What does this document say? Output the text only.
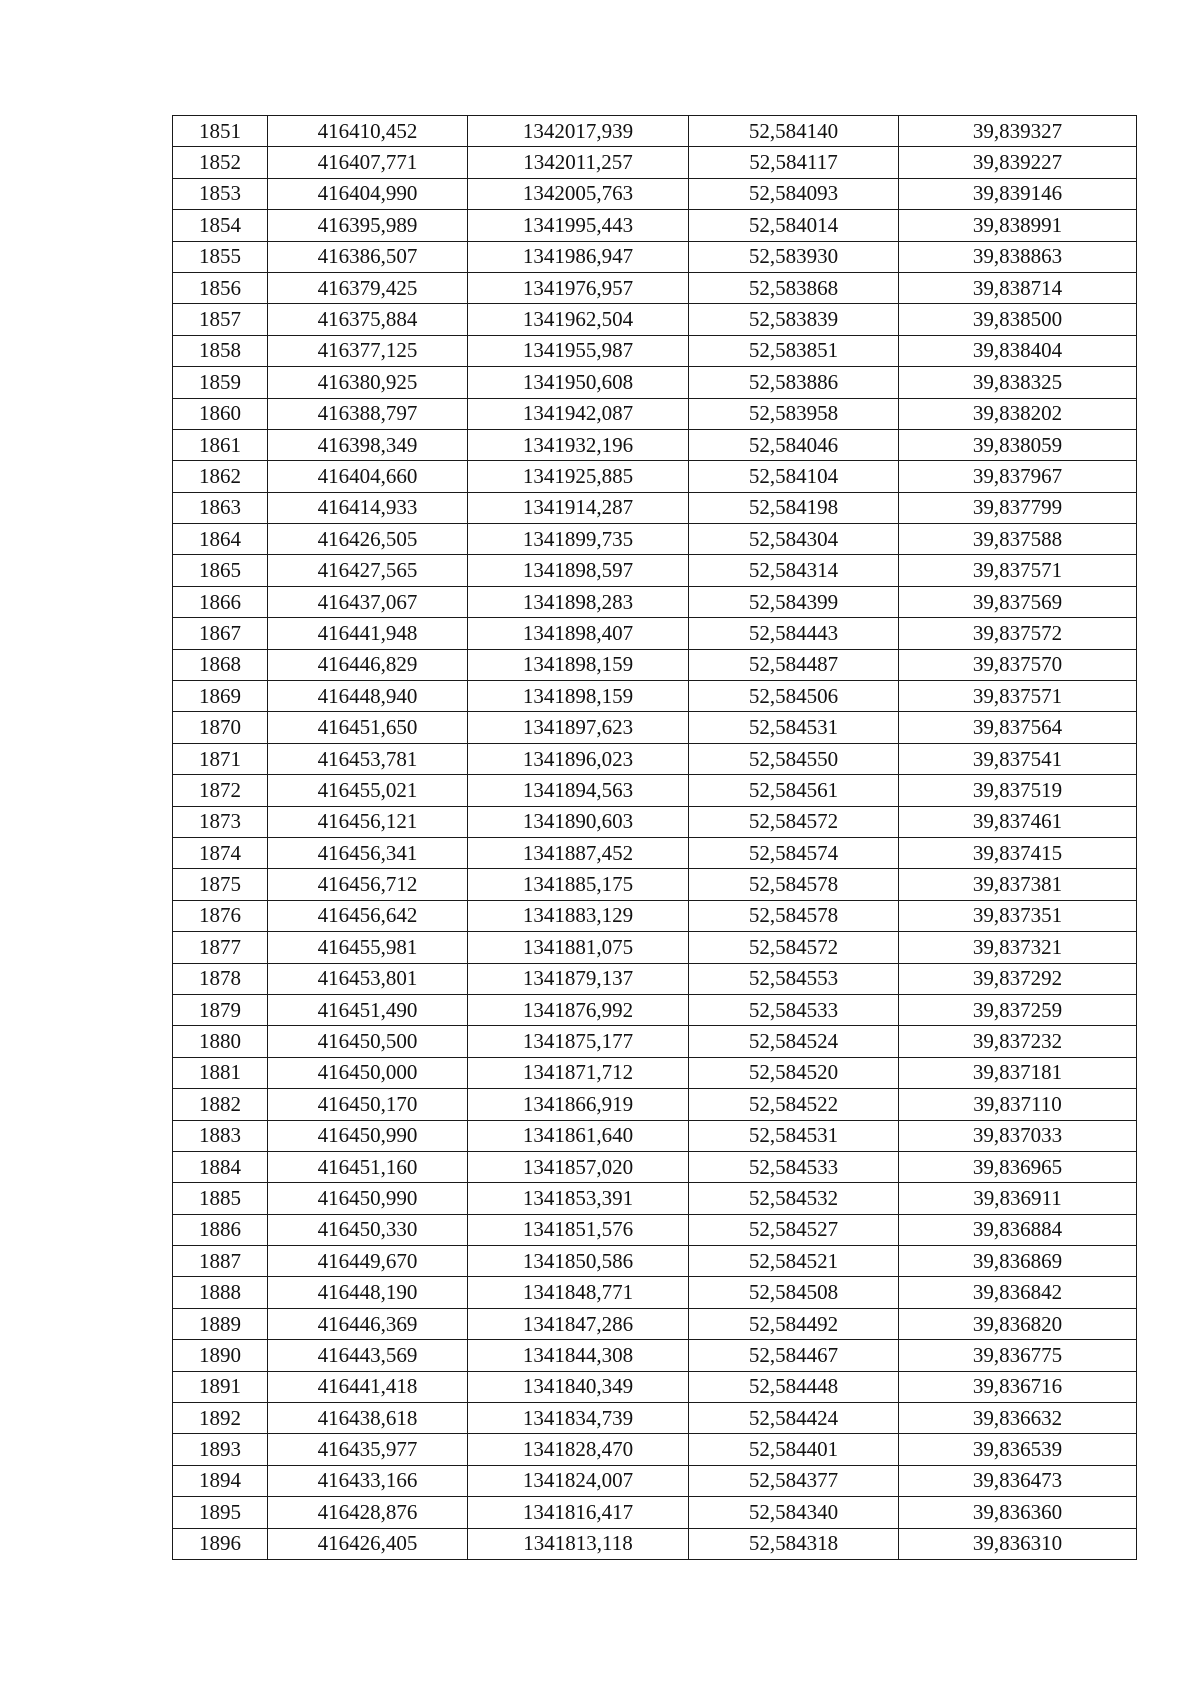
1851	416410,452	1342017,939	52,584140	39,839327
1852	416407,771	1342011,257	52,584117	39,839227
1853	416404,990	1342005,763	52,584093	39,839146
1854	416395,989	1341995,443	52,584014	39,838991
1855	416386,507	1341986,947	52,583930	39,838863
1856	416379,425	1341976,957	52,583868	39,838714
1857	416375,884	1341962,504	52,583839	39,838500
1858	416377,125	1341955,987	52,583851	39,838404
1859	416380,925	1341950,608	52,583886	39,838325
1860	416388,797	1341942,087	52,583958	39,838202
1861	416398,349	1341932,196	52,584046	39,838059
1862	416404,660	1341925,885	52,584104	39,837967
1863	416414,933	1341914,287	52,584198	39,837799
1864	416426,505	1341899,735	52,584304	39,837588
1865	416427,565	1341898,597	52,584314	39,837571
1866	416437,067	1341898,283	52,584399	39,837569
1867	416441,948	1341898,407	52,584443	39,837572
1868	416446,829	1341898,159	52,584487	39,837570
1869	416448,940	1341898,159	52,584506	39,837571
1870	416451,650	1341897,623	52,584531	39,837564
1871	416453,781	1341896,023	52,584550	39,837541
1872	416455,021	1341894,563	52,584561	39,837519
1873	416456,121	1341890,603	52,584572	39,837461
1874	416456,341	1341887,452	52,584574	39,837415
1875	416456,712	1341885,175	52,584578	39,837381
1876	416456,642	1341883,129	52,584578	39,837351
1877	416455,981	1341881,075	52,584572	39,837321
1878	416453,801	1341879,137	52,584553	39,837292
1879	416451,490	1341876,992	52,584533	39,837259
1880	416450,500	1341875,177	52,584524	39,837232
1881	416450,000	1341871,712	52,584520	39,837181
1882	416450,170	1341866,919	52,584522	39,837110
1883	416450,990	1341861,640	52,584531	39,837033
1884	416451,160	1341857,020	52,584533	39,836965
1885	416450,990	1341853,391	52,584532	39,836911
1886	416450,330	1341851,576	52,584527	39,836884
1887	416449,670	1341850,586	52,584521	39,836869
1888	416448,190	1341848,771	52,584508	39,836842
1889	416446,369	1341847,286	52,584492	39,836820
1890	416443,569	1341844,308	52,584467	39,836775
1891	416441,418	1341840,349	52,584448	39,836716
1892	416438,618	1341834,739	52,584424	39,836632
1893	416435,977	1341828,470	52,584401	39,836539
1894	416433,166	1341824,007	52,584377	39,836473
1895	416428,876	1341816,417	52,584340	39,836360
1896	416426,405	1341813,118	52,584318	39,836310
